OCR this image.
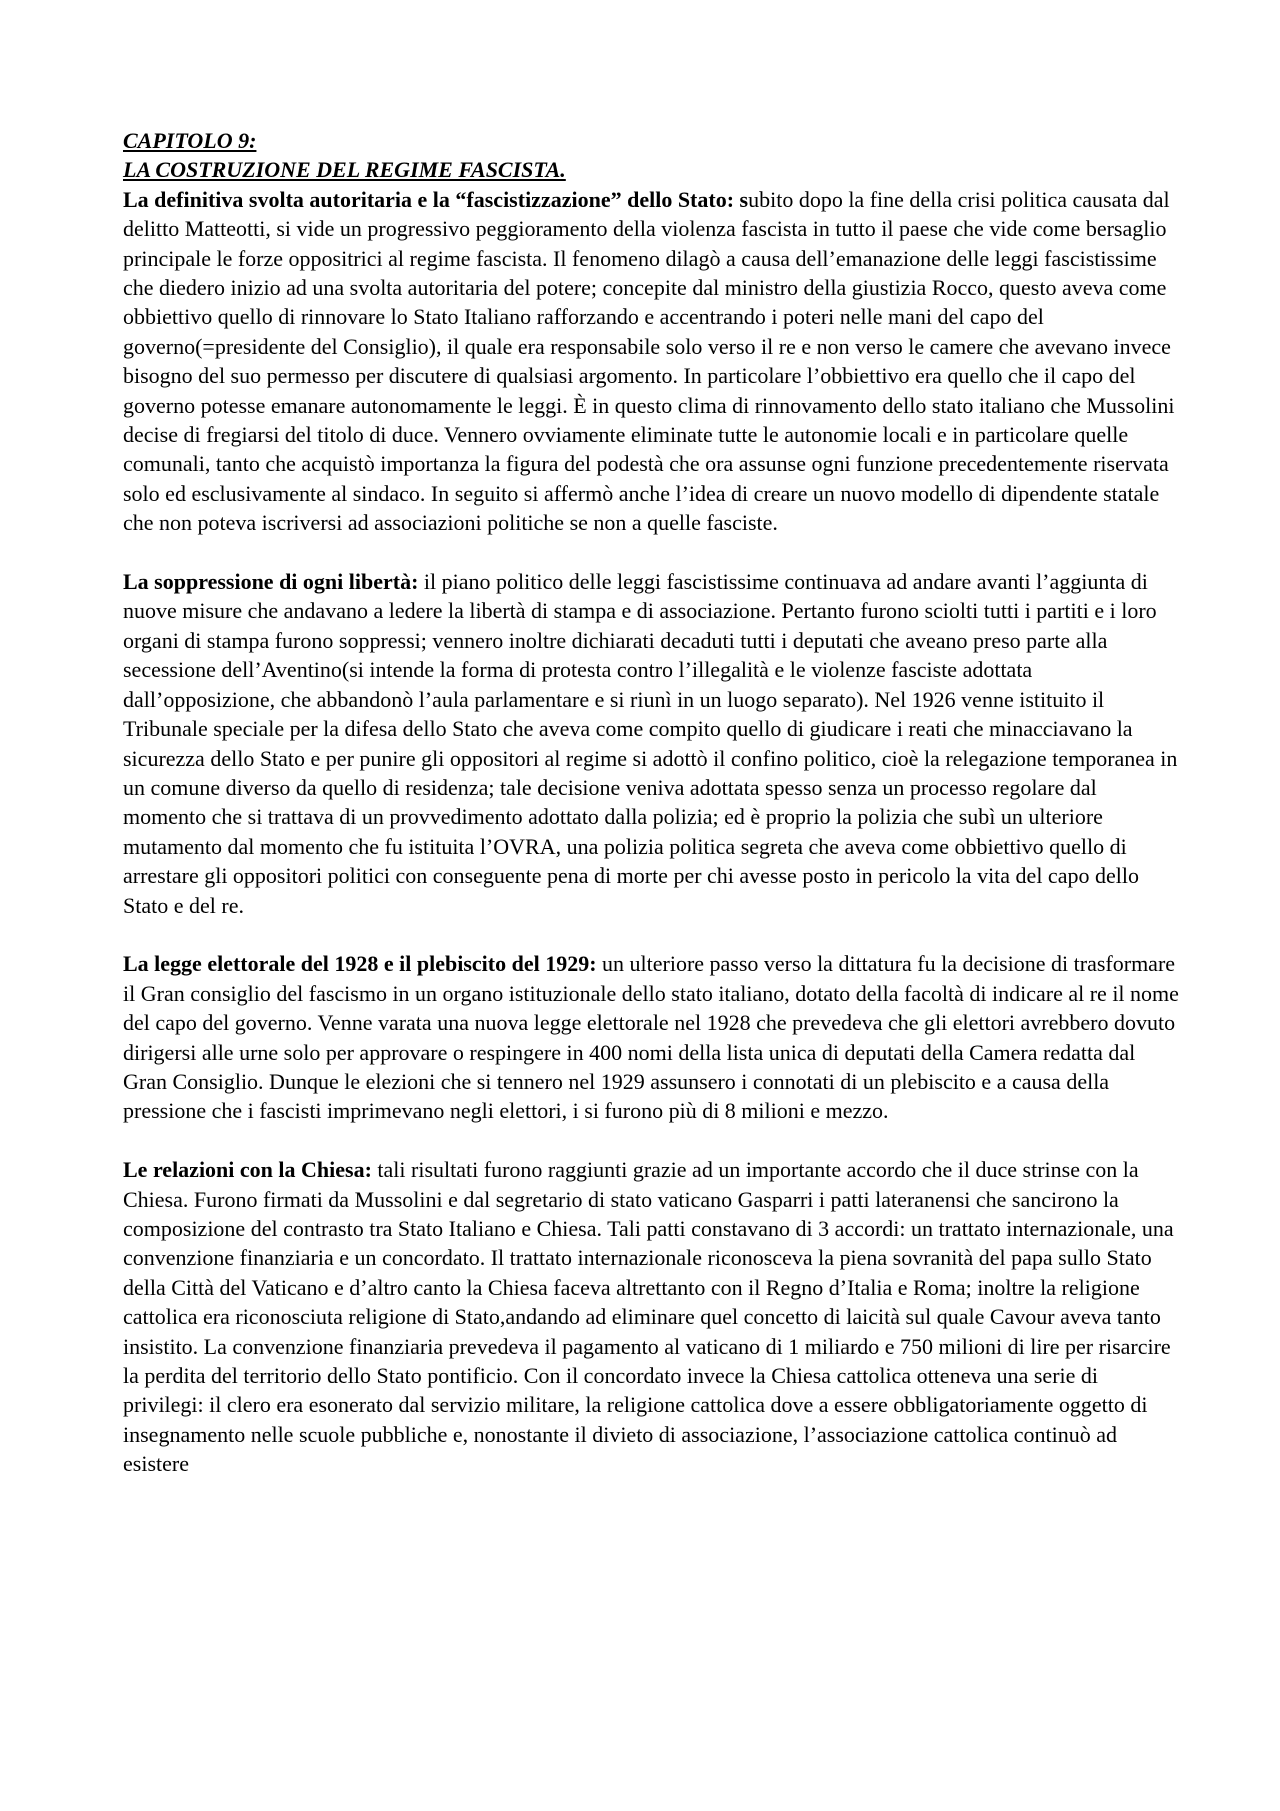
CAPITOLO 9:
LA COSTRUZIONE DEL REGIME FASCISTA.

La definitiva svolta autoritaria e la “fascistizzazione” dello Stato: subito dopo la fine della crisi politica causata dal delitto Matteotti, si vide un progressivo peggioramento della violenza fascista in tutto il paese che vide come bersaglio principale le forze oppositrici al regime fascista. Il fenomeno dilagò a causa dell’emanazione delle leggi fascistissime che diedero inizio ad una svolta autoritaria del potere; concepite dal ministro della giustizia Rocco, questo aveva come obbiettivo quello di rinnovare lo Stato Italiano rafforzando e accentrando i poteri nelle mani del capo del governo(=presidente del Consiglio), il quale era responsabile solo verso il re e non verso le camere che avevano invece bisogno del suo permesso per discutere di qualsiasi argomento. In particolare l’obbiettivo era quello che il capo del governo potesse emanare autonomamente le leggi. È in questo clima di rinnovamento dello stato italiano che Mussolini decise di fregiarsi del titolo di duce. Vennero ovviamente eliminate tutte le autonomie locali e in particolare quelle comunali, tanto che acquistò importanza la figura del podestà che ora assunse ogni funzione precedentemente riservata solo ed esclusivamente al sindaco. In seguito si affermò anche l’idea di creare un nuovo modello di dipendente statale che non poteva iscriversi ad associazioni politiche se non a quelle fasciste.

La soppressione di ogni libertà: il piano politico delle leggi fascistissime continuava ad andare avanti l’aggiunta di nuove misure che andavano a ledere la libertà di stampa e di associazione. Pertanto furono sciolti tutti i partiti e i loro organi di stampa furono soppressi; vennero inoltre dichiarati decaduti tutti i deputati che aveano preso parte alla secessione dell’Aventino(si intende la forma di protesta contro l’illegalità e le violenze fasciste adottata dall’opposizione, che abbandonò l’aula parlamentare e si riunì in un luogo separato). Nel 1926 venne istituito il Tribunale speciale per la difesa dello Stato che aveva come compito quello di giudicare i reati che minacciavano la sicurezza dello Stato e per punire gli oppositori al regime si adottò il confino politico, cioè la relegazione temporanea in un comune diverso da quello di residenza; tale decisione veniva adottata spesso senza un processo regolare dal momento che si trattava di un provvedimento adottato dalla polizia; ed è proprio la polizia che subì un ulteriore mutamento dal momento che fu istituita l’OVRA, una polizia politica segreta che aveva come obbiettivo quello di arrestare gli oppositori politici con conseguente pena di morte per chi avesse posto in pericolo la vita del capo dello Stato e del re.

La legge elettorale del 1928 e il plebiscito del 1929: un ulteriore passo verso la dittatura fu la decisione di trasformare il Gran consiglio del fascismo in un organo istituzionale dello stato italiano, dotato della facoltà di indicare al re il nome del capo del governo. Venne varata una nuova legge elettorale nel 1928 che prevedeva che gli elettori avrebbero dovuto dirigersi alle urne solo per approvare o respingere in 400 nomi della lista unica di deputati della Camera redatta dal Gran Consiglio. Dunque le elezioni che si tennero nel 1929 assunsero i connotati di un plebiscito e a causa della pressione che i fascisti imprimevano negli elettori, i si furono più di 8 milioni e mezzo.

Le relazioni con la Chiesa: tali risultati furono raggiunti grazie ad un importante accordo che il duce strinse con la Chiesa. Furono firmati da Mussolini e dal segretario di stato vaticano Gasparri i patti lateranensi che sancirono la composizione del contrasto tra Stato Italiano e Chiesa. Tali patti constavano di 3 accordi: un trattato internazionale, una convenzione finanziaria e un concordato. Il trattato internazionale riconosceva la piena sovranità del papa sullo Stato della Città del Vaticano e d’altro canto la Chiesa faceva altrettanto con il Regno d’Italia e Roma; inoltre la religione cattolica era riconosciuta religione di Stato,andando ad eliminare quel concetto di laicità sul quale Cavour aveva tanto insistito. La convenzione finanziaria prevedeva il pagamento al vaticano di 1 miliardo e 750 milioni di lire per risarcire la perdita del territorio dello Stato pontificio. Con il concordato invece la Chiesa cattolica otteneva una serie di privilegi: il clero era esonerato dal servizio militare, la religione cattolica dove a essere obbligatoriamente oggetto di insegnamento nelle scuole pubbliche e, nonostante il divieto di associazione, l’associazione cattolica continuò ad esistere
